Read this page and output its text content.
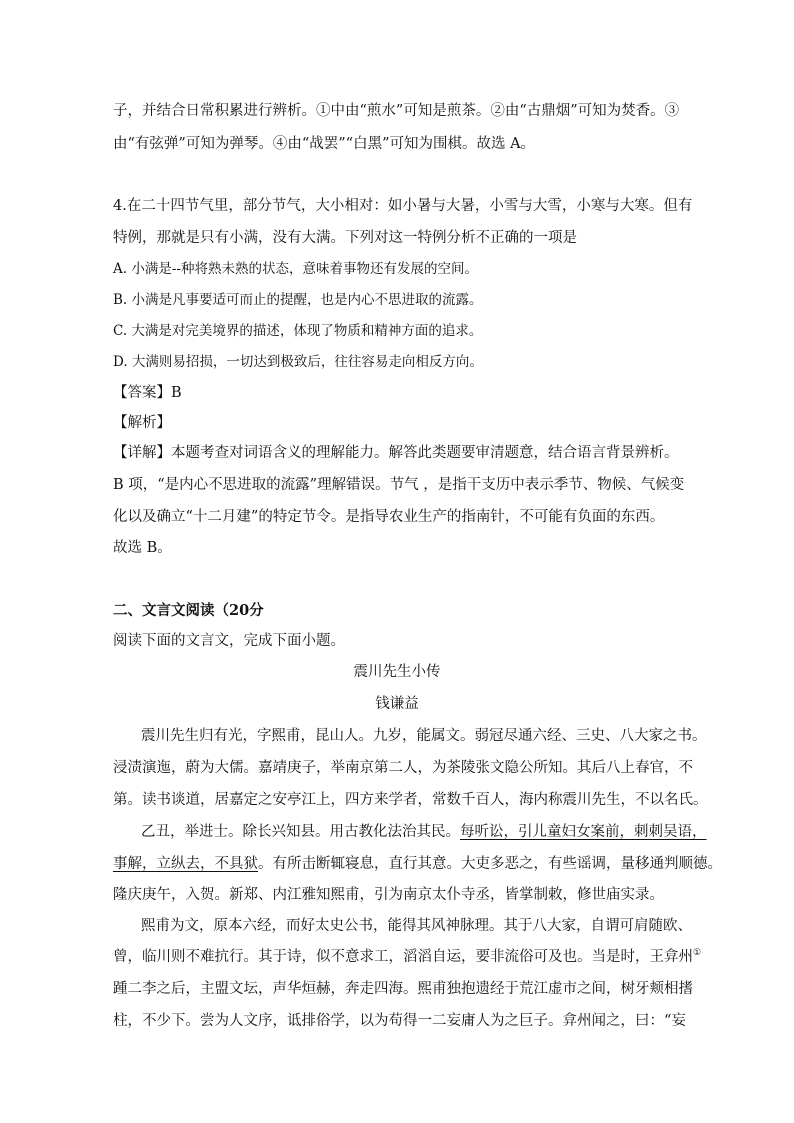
子，并结合日常积累进行辨析。①中由“煎水”可知是煎茶。②由“古鼎烟”可知为焚香。③
由“有弦弹”可知为弹琴。④由“战罢”“白黑”可知为围棋。故选 A。
4.在二十四节气里，部分节气，大小相对：如小暑与大暑，小雪与大雪，小寒与大寒。但有
特例，那就是只有小满，没有大满。下列对这一特例分析不正确的一项是
A. 小满是--种将熟未熟的状态，意味着事物还有发展的空间。
B. 小满是凡事要适可而止的提醒，也是内心不思进取的流露。
C. 大满是对完美境界的描述，体现了物质和精神方面的追求。
D. 大满则易招损，一切达到极致后，往往容易走向相反方向。
【答案】B
【解析】
【详解】本题考查对词语含义的理解能力。解答此类题要审清题意，结合语言背景辨析。
B 项，“是内心不思进取的流露”理解错误。节气 ，是指干支历中表示季节、物候、气候变
化以及确立“十二月建”的特定节令。是指导农业生产的指南针，不可能有负面的东西。
故选 B。
二、文言文阅读（20分
阅读下面的文言文，完成下面小题。
震川先生小传
钱谦益
震川先生归有光，字熙甫，昆山人。九岁，能属文。弱冠尽通六经、三史、八大家之书。
浸渍演迤，蔚为大儒。嘉靖庚子，举南京第二人，为茶陵张文隐公所知。其后八上春官，不
第。读书谈道，居嘉定之安亭江上，四方来学者，常数千百人，海内称震川先生，不以名氏。
乙丑，举进士。除长兴知县。用古教化法治其民。每听讼，引儿童妇女案前，刺刺吴语，
事解，立纵去，不具狱。有所击断辄寝息，直行其意。大吏多恶之，有些谣调，量移通判顺德。
隆庆庚午，入贺。新郑、内江雅知熙甫，引为南京太仆寺丞，皆掌制敕，修世庙实录。
熙甫为文，原本六经，而好太史公书，能得其风神脉理。其于八大家，自谓可肩随欧、
曾，临川则不难抗行。其于诗，似不意求工，滔滔自运，要非流俗可及也。当是时，王弇州①
踵二李之后，主盟文坛，声华烜赫，奔走四海。熙甫独抱遗经于荒江虚市之间，树牙颊相搘
柱，不少下。尝为人文序，诋排俗学，以为苟得一二妄庸人为之巨子。弇州闻之，曰：“妄
